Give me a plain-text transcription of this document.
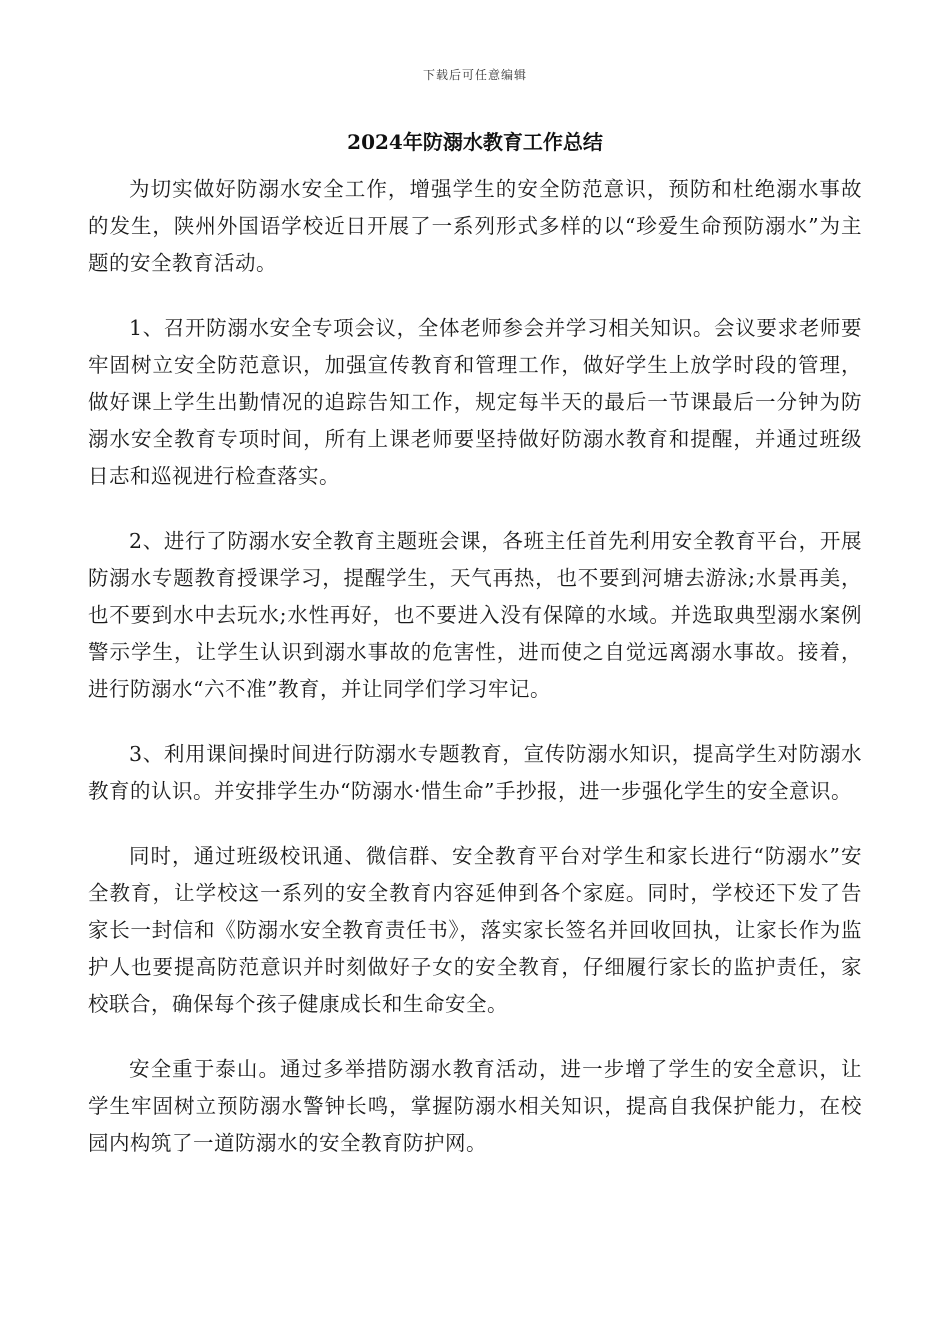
下载后可任意编辑
2024年防溺水教育工作总结

为切实做好防溺水安全工作，增强学生的安全防范意识，预防和杜绝溺水事故的发生，陕州外国语学校近日开展了一系列形式多样的以“珍爱生命预防溺水”为主题的安全教育活动。

1、召开防溺水安全专项会议，全体老师参会并学习相关知识。会议要求老师要牢固树立安全防范意识，加强宣传教育和管理工作，做好学生上放学时段的管理，做好课上学生出勤情况的追踪告知工作，规定每半天的最后一节课最后一分钟为防溺水安全教育专项时间，所有上课老师要坚持做好防溺水教育和提醒，并通过班级日志和巡视进行检查落实。

2、进行了防溺水安全教育主题班会课，各班主任首先利用安全教育平台，开展防溺水专题教育授课学习，提醒学生，天气再热，也不要到河塘去游泳;水景再美，也不要到水中去玩水;水性再好，也不要进入没有保障的水域。并选取典型溺水案例警示学生，让学生认识到溺水事故的危害性，进而使之自觉远离溺水事故。接着，进行防溺水“六不准”教育，并让同学们学习牢记。

3、利用课间操时间进行防溺水专题教育，宣传防溺水知识，提高学生对防溺水教育的认识。并安排学生办“防溺水·惜生命”手抄报，进一步强化学生的安全意识。

同时，通过班级校讯通、微信群、安全教育平台对学生和家长进行“防溺水”安全教育，让学校这一系列的安全教育内容延伸到各个家庭。同时，学校还下发了告家长一封信和《防溺水安全教育责任书》，落实家长签名并回收回执，让家长作为监护人也要提高防范意识并时刻做好子女的安全教育，仔细履行家长的监护责任，家校联合，确保每个孩子健康成长和生命安全。

安全重于泰山。通过多举措防溺水教育活动，进一步增了学生的安全意识，让学生牢固树立预防溺水警钟长鸣，掌握防溺水相关知识，提高自我保护能力，在校园内构筑了一道防溺水的安全教育防护网。
